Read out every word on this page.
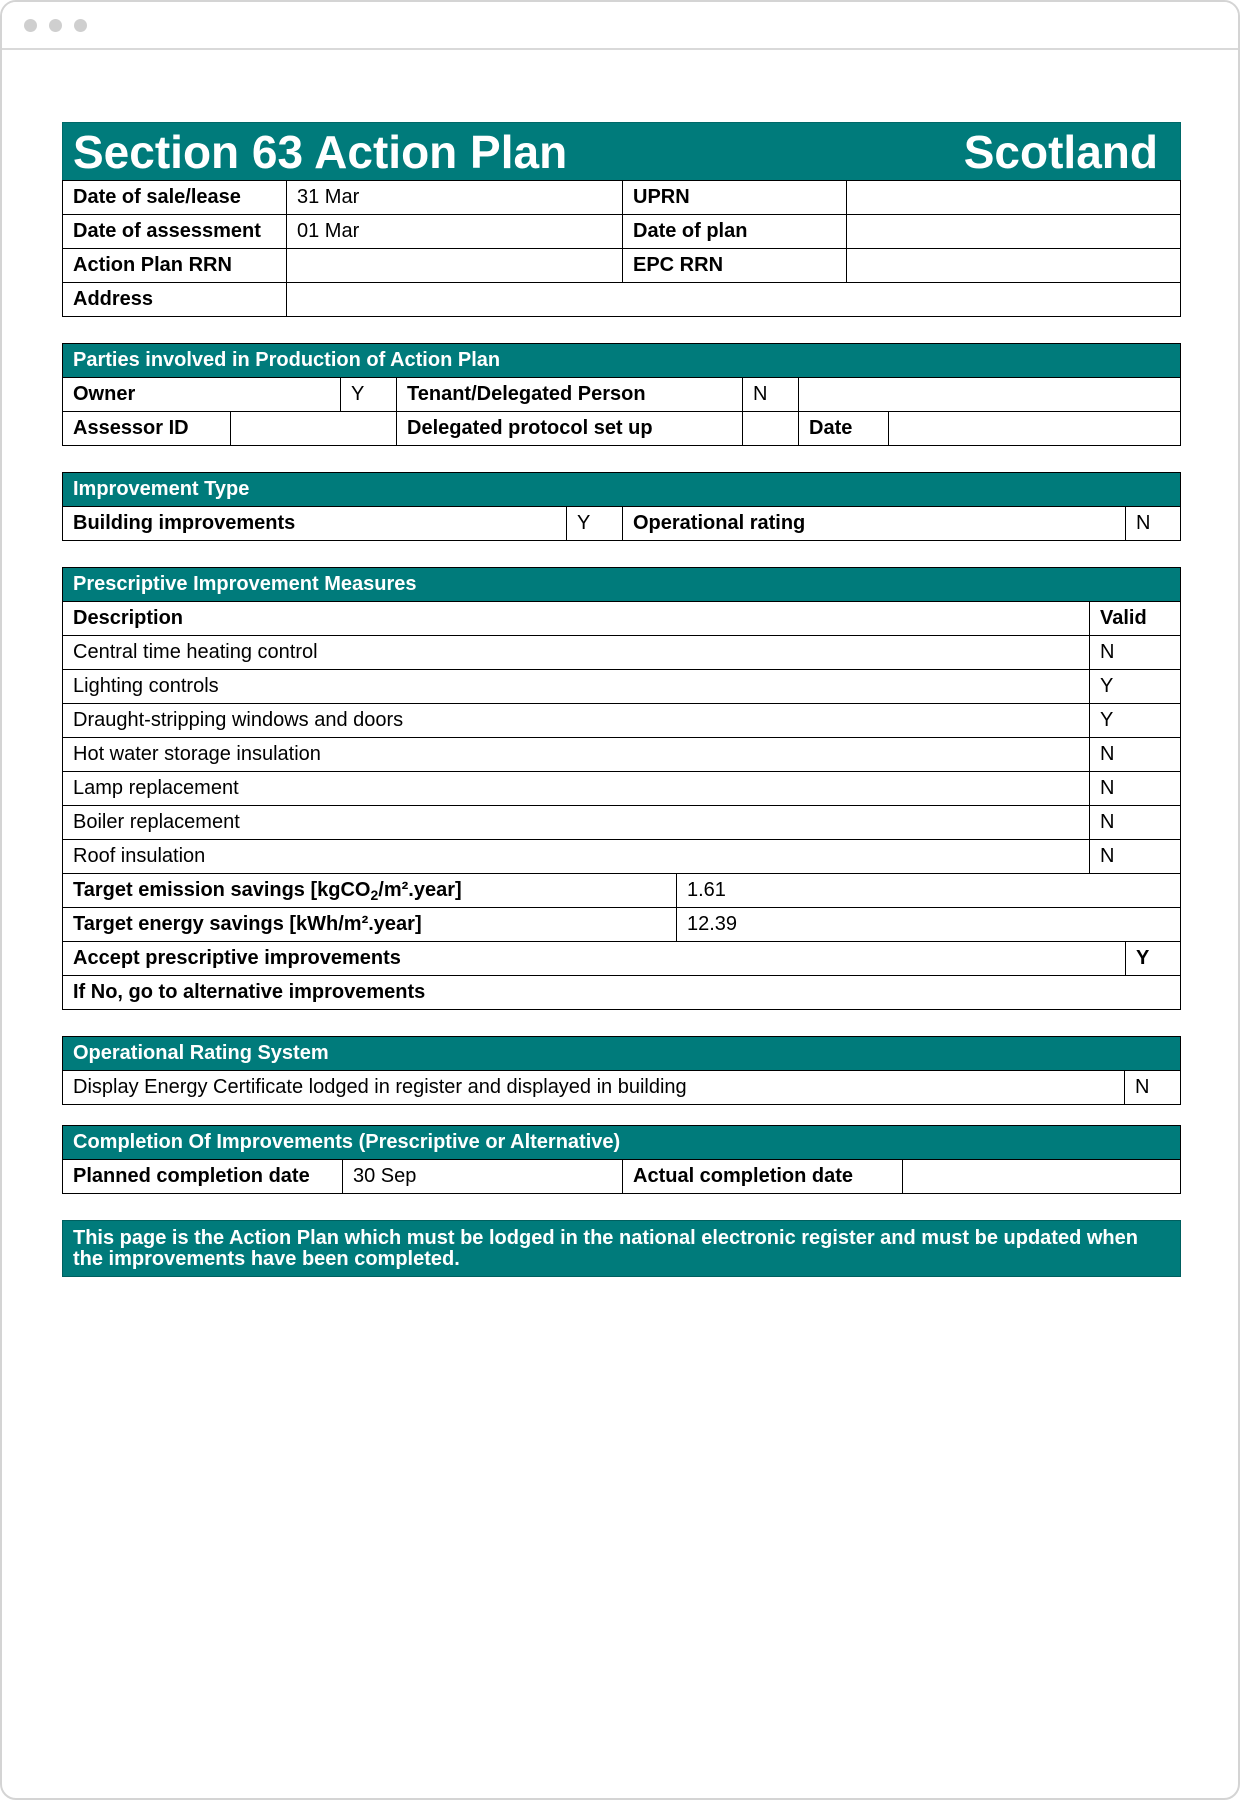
Section 63 Action Plan	Scotland
Date of sale/lease	31 Mar	UPRN	
Date of assessment	01 Mar	Date of plan	
Action Plan RRN		EPC RRN	
Address			
Parties involved in Production of Action Plan						
Owner		Y	Tenant/Delegated Person	N		
Assessor ID			Delegated protocol set up		Date	
Improvement Type
Building improvements	Y	Operational rating	N
Prescriptive Improvement Measures			
Description		Valid	
Central time heating control		N	
Lighting controls		Y	
Draught-stripping windows and doors		Y	
Hot water storage insulation		N	
Lamp replacement		N	
Boiler replacement		N	
Roof insulation		N	
Target emission savings [kgCO$_2$/m².year]	1.61		
Target energy savings [kWh/m².year]	12.39		
Accept prescriptive improvements			Y
If No, go to alternative improvements			
Operational Rating System
Display Energy Certificate lodged in register and displayed in building	N
Completion Of Improvements (Prescriptive or Alternative)
Planned completion date	30 Sep	Actual completion date	
This page is the Action Plan which must be lodged in the national electronic register and must be updated when the improvements have been completed.
